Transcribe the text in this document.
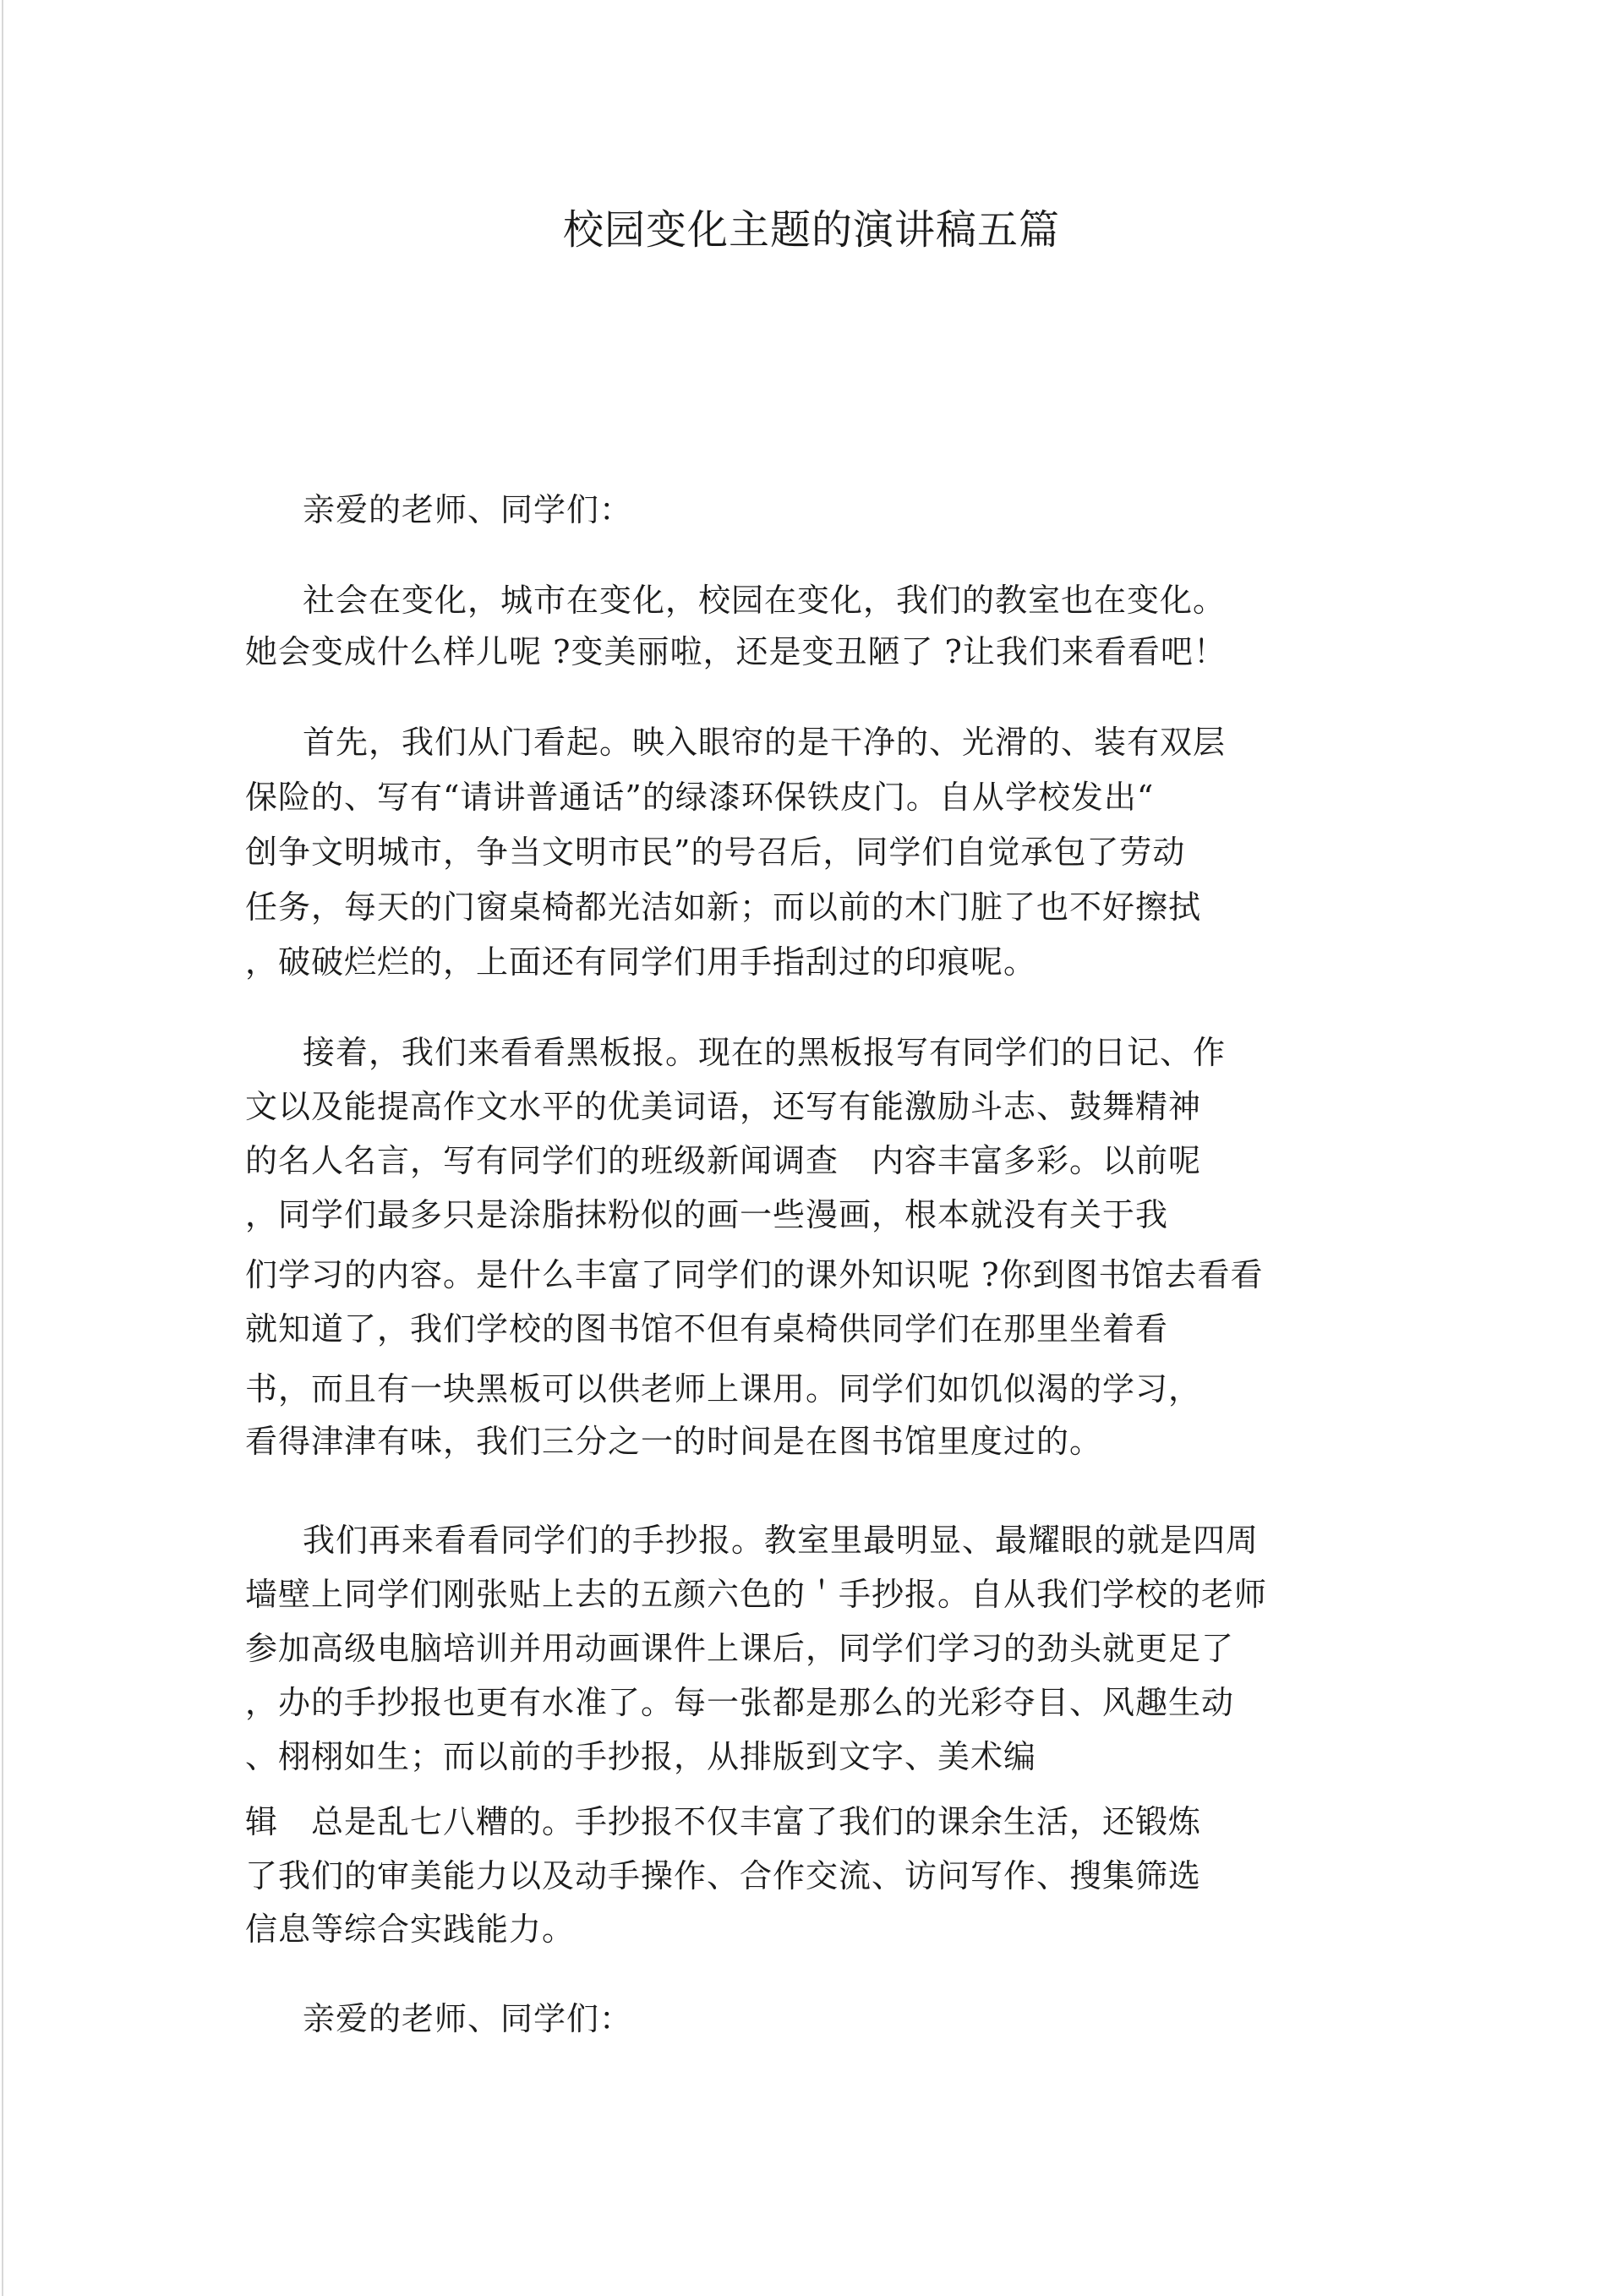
校园变化主题的演讲稿五篇
亲爱的老师、同学们：
社会在变化，城市在变化，校园在变化，我们的教室也在变化。
她会变成什么样儿呢 ?变美丽啦，还是变丑陋了 ?让我们来看看吧！
首先，我们从门看起。映入眼帘的是干净的、光滑的、装有双层
保险的、写有“请讲普通话”的绿漆环保铁皮门。自从学校发出“
创争文明城市，争当文明市民”的号召后，同学们自觉承包了劳动
任务，每天的门窗桌椅都光洁如新；而以前的木门脏了也不好擦拭
，破破烂烂的，上面还有同学们用手指刮过的印痕呢。
接着，我们来看看黑板报。现在的黑板报写有同学们的日记、作
文以及能提高作文水平的优美词语，还写有能激励斗志、鼓舞精神
的名人名言，写有同学们的班级新闻调查　内容丰富多彩。以前呢
，同学们最多只是涂脂抹粉似的画一些漫画，根本就没有关于我
们学习的内容。是什么丰富了同学们的课外知识呢 ?你到图书馆去看看
就知道了，我们学校的图书馆不但有桌椅供同学们在那里坐着看
书，而且有一块黑板可以供老师上课用。同学们如饥似渴的学习，
看得津津有味，我们三分之一的时间是在图书馆里度过的。
我们再来看看同学们的手抄报。教室里最明显、最耀眼的就是四周
墙壁上同学们刚张贴上去的五颜六色的＇手抄报。自从我们学校的老师
参加高级电脑培训并用动画课件上课后，同学们学习的劲头就更足了
，办的手抄报也更有水准了。每一张都是那么的光彩夺目、风趣生动
、栩栩如生；而以前的手抄报，从排版到文字、美术编
辑　总是乱七八糟的。手抄报不仅丰富了我们的课余生活，还锻炼
了我们的审美能力以及动手操作、合作交流、访问写作、搜集筛选
信息等综合实践能力。
亲爱的老师、同学们：
